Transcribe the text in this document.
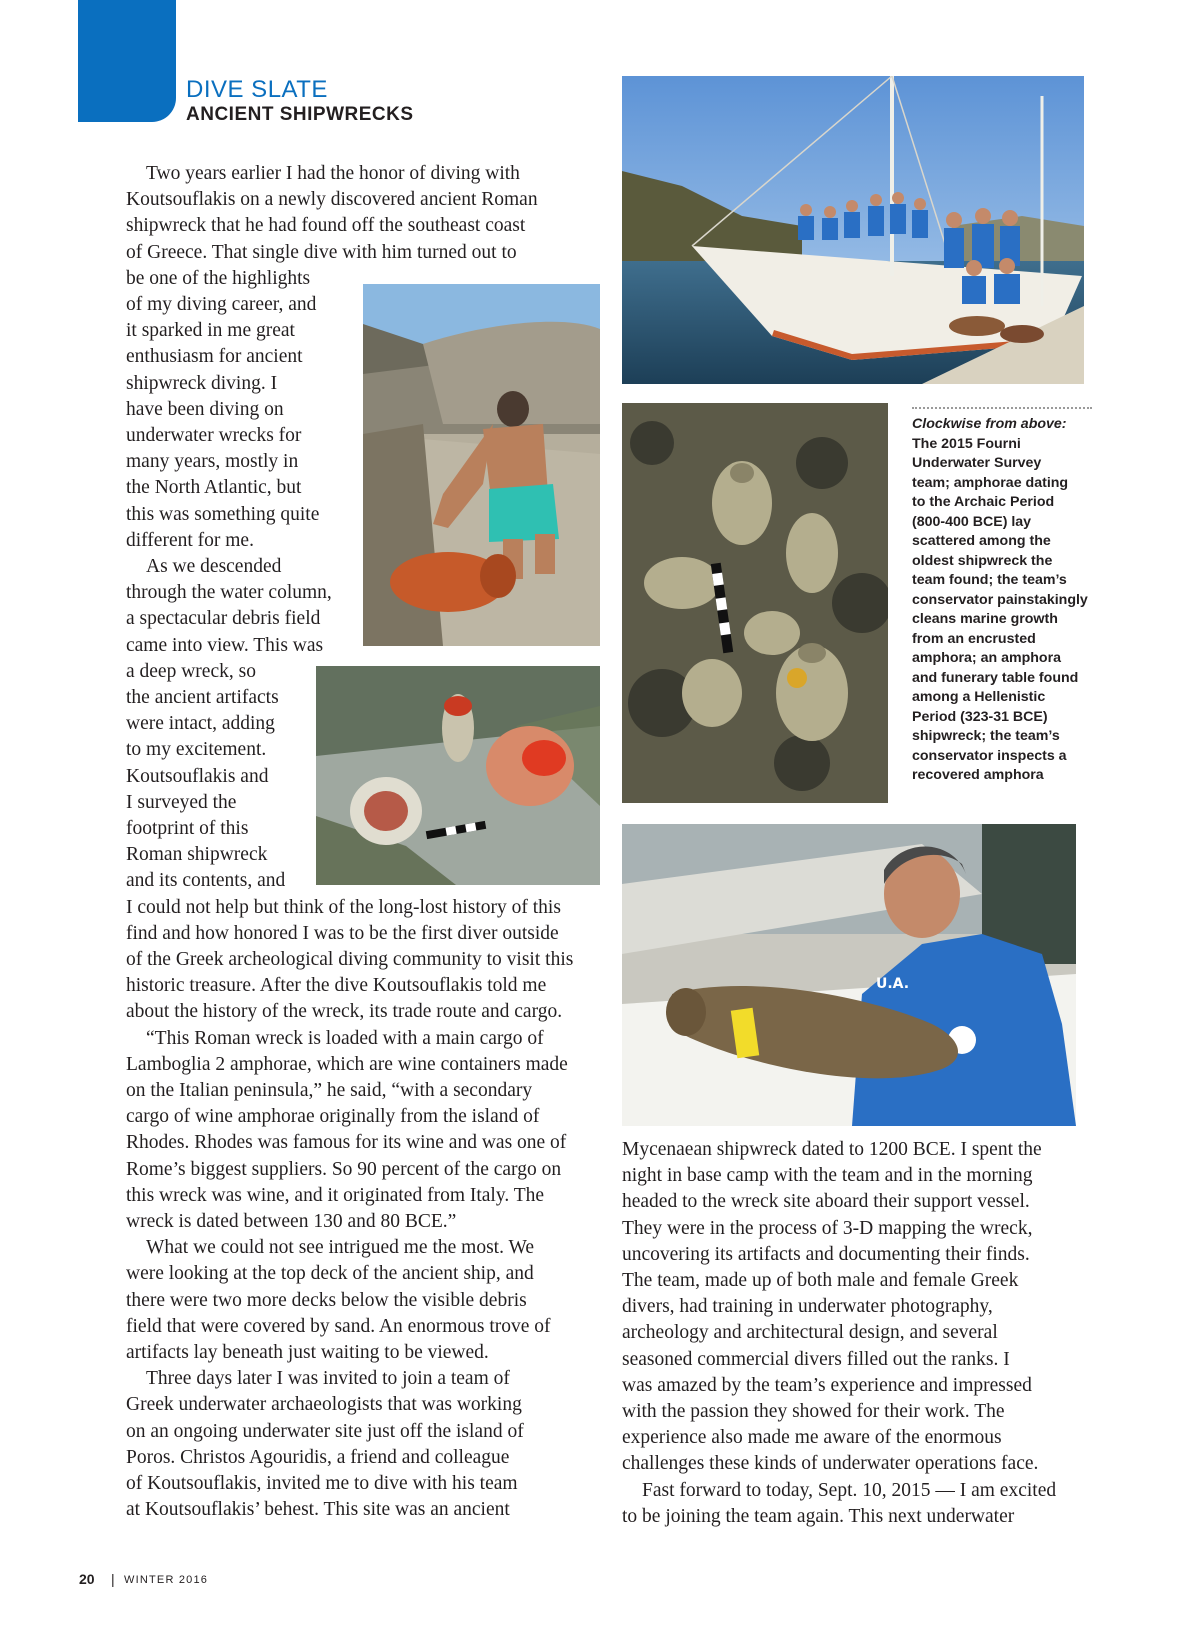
DIVE SLATE
ANCIENT SHIPWRECKS
Two years earlier I had the honor of diving with
Koutsouflakis on a newly discovered ancient Roman
shipwreck that he had found off the southeast coast
of Greece. That single dive with him turned out to
be one of the highlights
of my diving career, and
it sparked in me great
enthusiasm for ancient
shipwreck diving. I
have been diving on
underwater wrecks for
many years, mostly in
the North Atlantic, but
this was something quite
different for me.
As we descended
through the water column,
a spectacular debris field
came into view. This was
a deep wreck, so
the ancient artifacts
were intact, adding
to my excitement.
Koutsouflakis and
I surveyed the
footprint of this
Roman shipwreck
and its contents, and
I could not help but think of the long-lost history of this
find and how honored I was to be the first diver outside
of the Greek archeological diving community to visit this
historic treasure. After the dive Koutsouflakis told me
about the history of the wreck, its trade route and cargo.
“This Roman wreck is loaded with a main cargo of
Lamboglia 2 amphorae, which are wine containers made
on the Italian peninsula,” he said, “with a secondary
cargo of wine amphorae originally from the island of
Rhodes. Rhodes was famous for its wine and was one of
Rome’s biggest suppliers. So 90 percent of the cargo on
this wreck was wine, and it originated from Italy. The
wreck is dated between 130 and 80 BCE.”
What we could not see intrigued me the most. We
were looking at the top deck of the ancient ship, and
there were two more decks below the visible debris
field that were covered by sand. An enormous trove of
artifacts lay beneath just waiting to be viewed.
Three days later I was invited to join a team of
Greek underwater archaeologists that was working
on an ongoing underwater site just off the island of
Poros. Christos Agouridis, a friend and colleague
of Koutsouflakis, invited me to dive with his team
at Koutsouflakis’ behest. This site was an ancient
Mycenaean shipwreck dated to 1200 BCE. I spent the
night in base camp with the team and in the morning
headed to the wreck site aboard their support vessel.
They were in the process of 3-D mapping the wreck,
uncovering its artifacts and documenting their finds.
The team, made up of both male and female Greek
divers, had training in underwater photography,
archeology and architectural design, and several
seasoned commercial divers filled out the ranks. I
was amazed by the team’s experience and impressed
with the passion they showed for their work. The
experience also made me aware of the enormous
challenges these kinds of underwater operations face.
Fast forward to today, Sept. 10, 2015 — I am excited
to be joining the team again. This next underwater
U.A.
Clockwise from above:
The 2015 Fourni
Underwater Survey
team; amphorae dating
to the Archaic Period
(800-400 BCE) lay
scattered among the
oldest shipwreck the
team found; the team’s
conservator painstakingly
cleans marine growth
from an encrusted
amphora; an amphora
and funerary table found
among a Hellenistic
Period (323-31 BCE)
shipwreck; the team’s
conservator inspects a
recovered amphora
20 | WINTER 2016
